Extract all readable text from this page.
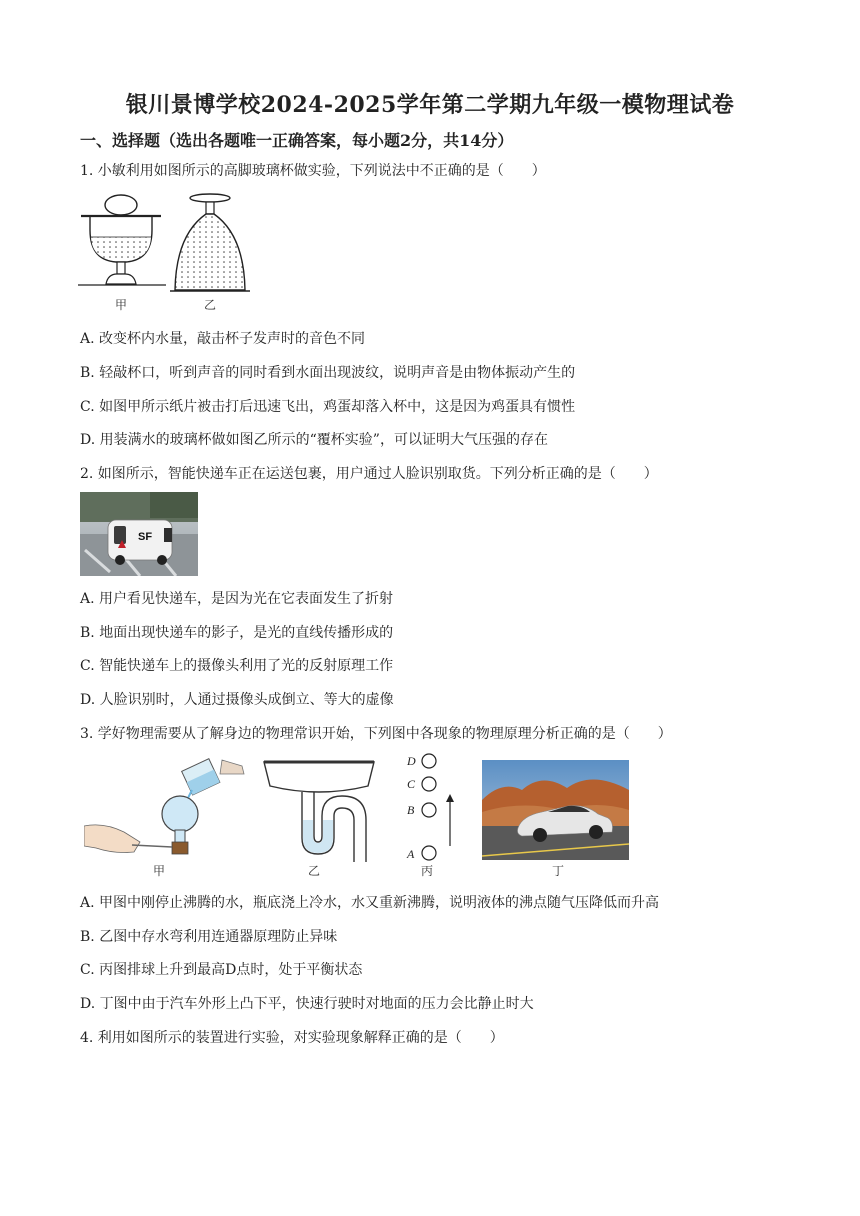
银川景博学校2024-2025学年第二学期九年级一模物理试卷
一、选择题（选出各题唯一正确答案，每小题2分，共14分）
1. 小敏利用如图所示的高脚玻璃杯做实验，下列说法中不正确的是（　　）
甲	乙
A. 改变杯内水量，敲击杯子发声时的音色不同
B. 轻敲杯口，听到声音的同时看到水面出现波纹，说明声音是由物体振动产生的
C. 如图甲所示纸片被击打后迅速飞出，鸡蛋却落入杯中，这是因为鸡蛋具有惯性
D. 用装满水的玻璃杯做如图乙所示的“覆杯实验”，可以证明大气压强的存在
2. 如图所示，智能快递车正在运送包裹，用户通过人脸识别取货。下列分析正确的是（　　）
SF
A. 用户看见快递车，是因为光在它表面发生了折射
B. 地面出现快递车的影子，是光的直线传播形成的
C. 智能快递车上的摄像头利用了光的反射原理工作
D. 人脸识别时，人通过摄像头成倒立、等大的虚像
3. 学好物理需要从了解身边的物理常识开始，下列图中各现象的物理原理分析正确的是（　　）
甲	乙
D
C
B
A
丙	丁
A. 甲图中刚停止沸腾的水，瓶底浇上冷水，水又重新沸腾，说明液体的沸点随气压降低而升高
B. 乙图中存水弯利用连通器原理防止异味
C. 丙图排球上升到最高D点时，处于平衡状态
D. 丁图中由于汽车外形上凸下平，快速行驶时对地面的压力会比静止时大
4. 利用如图所示的装置进行实验，对实验现象解释正确的是（　　）
